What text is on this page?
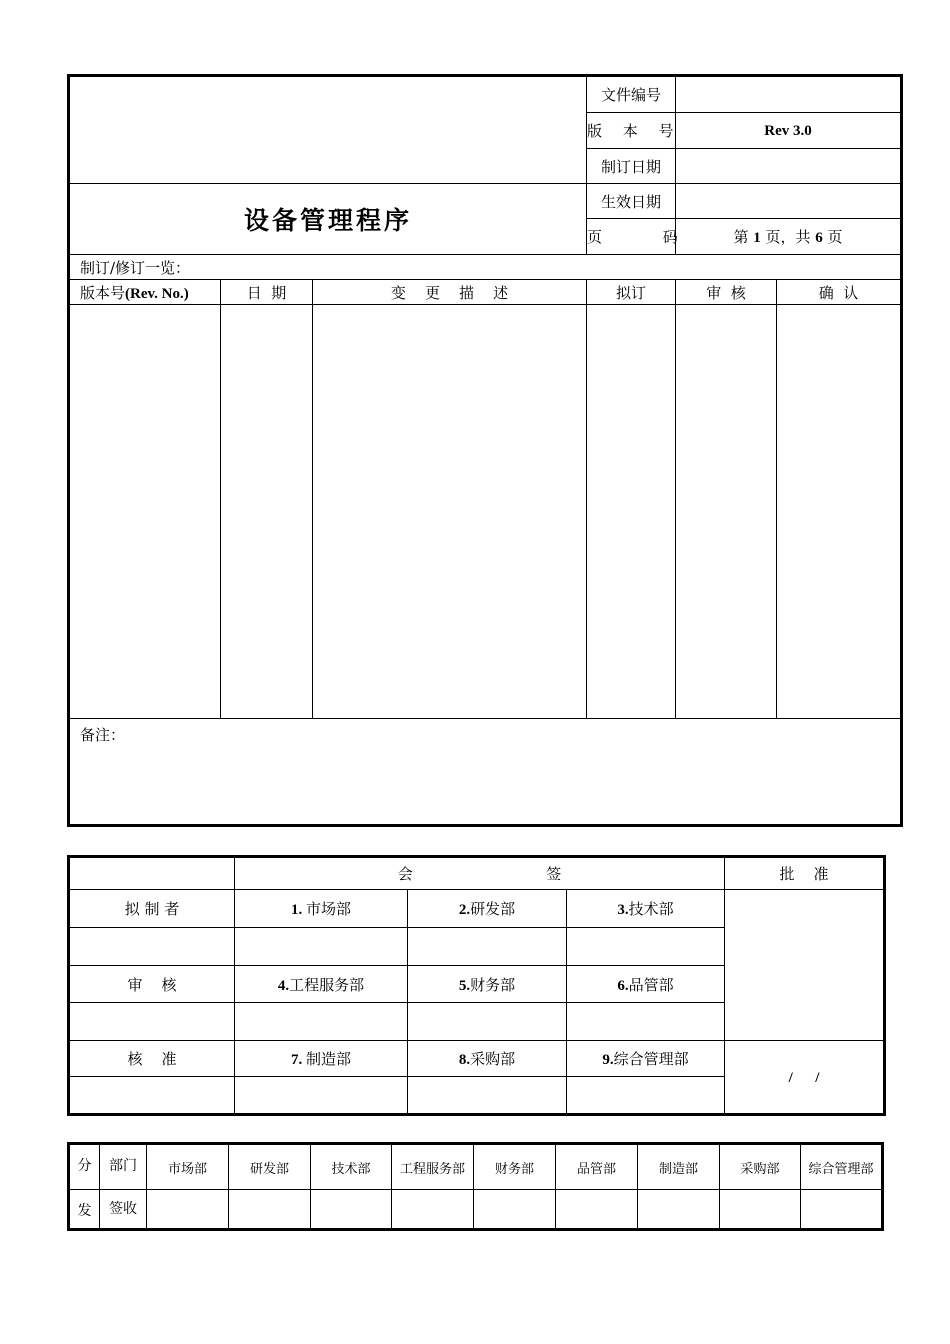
			文件编号		
			版 本 号	Rev 3.0	
			制订日期		
设备管理程序			生效日期		
			页 码	第 1 页，共 6 页	
制订/修订一览：					
版本号(Rev. No.)	日  期	变    更    描    述	拟订	审  核	确  认

备注：					
	会                            签			批    准
拟 制 者	1. 市场部	2.研发部	3.技术部	

审    核	4.工程服务部	5.财务部	6.品管部	

核    准	7. 制造部	8.采购部	9.综合管理部	/      /

分	部门	市场部	研发部	技术部	工程服务部	财务部	品管部	制造部	采购部	综合管理部
发	签收									
